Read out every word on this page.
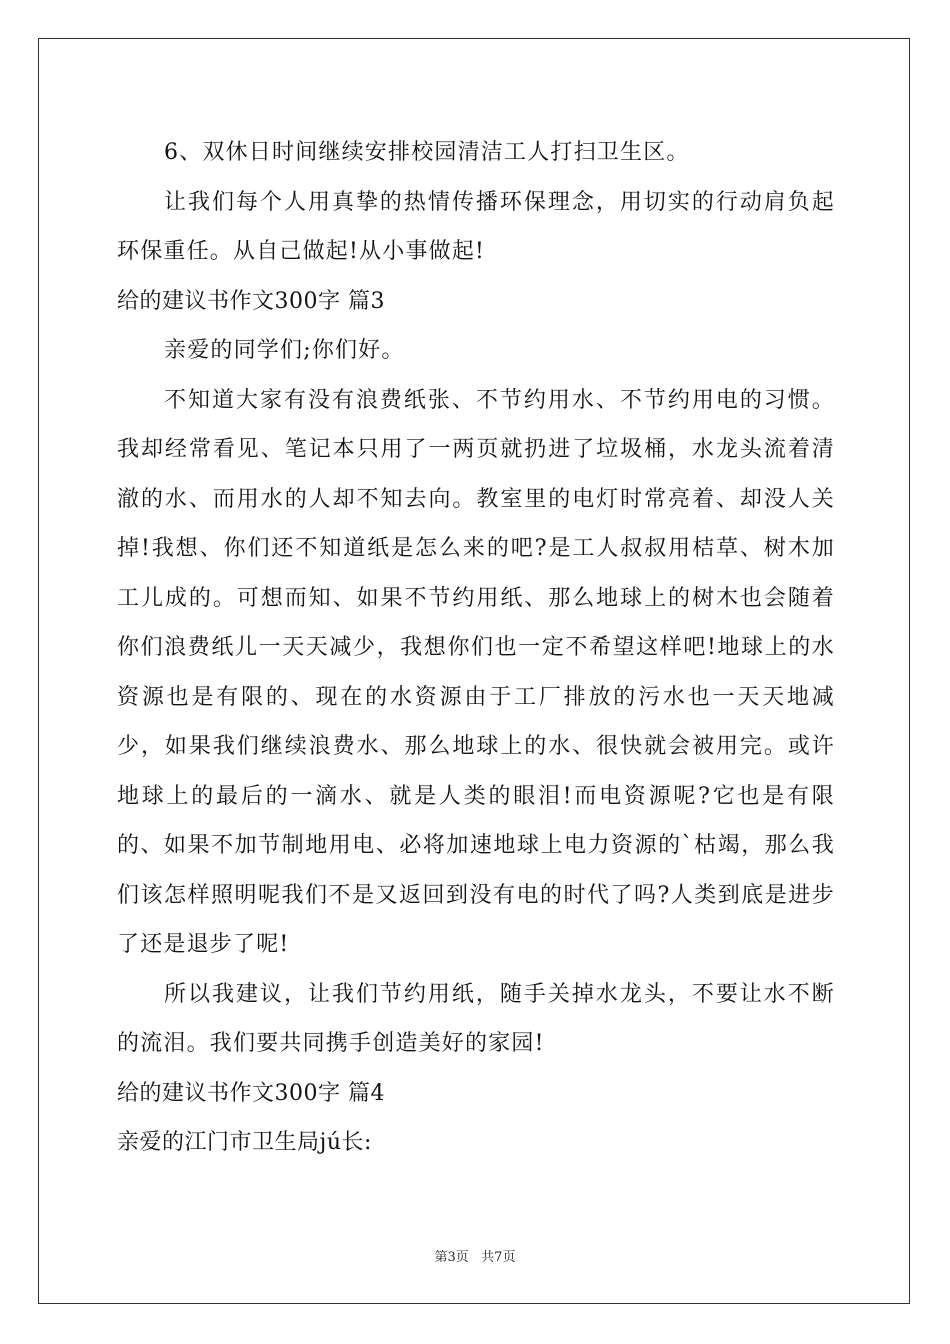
6、双休日时间继续安排校园清洁工人打扫卫生区。

让我们每个人用真挚的热情传播环保理念，用切实的行动肩负起环保重任。从自己做起!从小事做起!

给的建议书作文300字 篇3

亲爱的同学们;你们好。

不知道大家有没有浪费纸张、不节约用水、不节约用电的习惯。我却经常看见、笔记本只用了一两页就扔进了垃圾桶，水龙头流着清澈的水、而用水的人却不知去向。教室里的电灯时常亮着、却没人关掉!我想、你们还不知道纸是怎么来的吧?是工人叔叔用桔草、树木加工儿成的。可想而知、如果不节约用纸、那么地球上的树木也会随着你们浪费纸儿一天天减少，我想你们也一定不希望这样吧!地球上的水资源也是有限的、现在的水资源由于工厂排放的污水也一天天地减少，如果我们继续浪费水、那么地球上的水、很快就会被用完。或许地球上的最后的一滴水、就是人类的眼泪!而电资源呢?它也是有限的、如果不加节制地用电、必将加速地球上电力资源的`枯竭，那么我们该怎样照明呢我们不是又返回到没有电的时代了吗?人类到底是进步了还是退步了呢!

所以我建议，让我们节约用纸，随手关掉水龙头，不要让水不断的流泪。我们要共同携手创造美好的家园!

给的建议书作文300字 篇4

亲爱的江门市卫生局jú长:

第3页   共7页
